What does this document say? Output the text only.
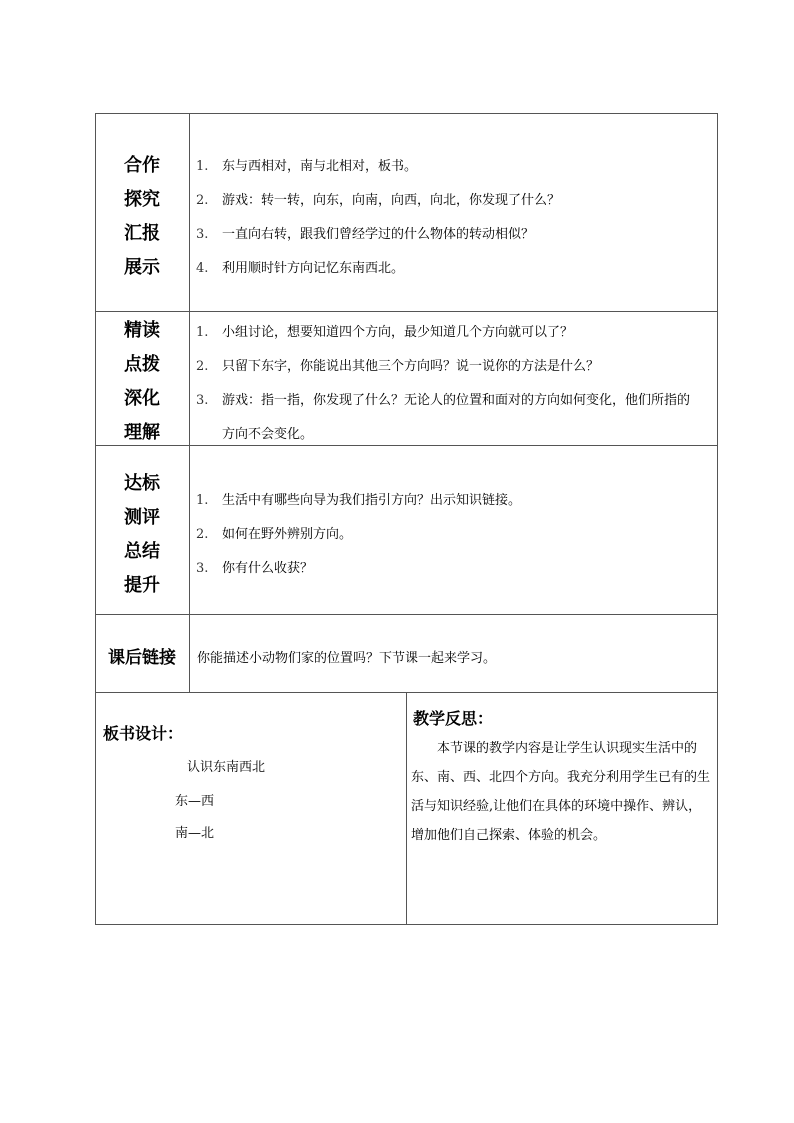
合作
探究
汇报
展示
1. 东与西相对，南与北相对，板书。
2. 游戏：转一转，向东，向南，向西，向北，你发现了什么？
3. 一直向右转，跟我们曾经学过的什么物体的转动相似？
4. 利用顺时针方向记忆东南西北。
精读
点拨
深化
理解
1. 小组讨论，想要知道四个方向，最少知道几个方向就可以了？
2. 只留下东字，你能说出其他三个方向吗？说一说你的方法是什么？
3. 游戏：指一指，你发现了什么？无论人的位置和面对的方向如何变化，他们所指的方向不会变化。
达标
测评
总结
提升
1. 生活中有哪些向导为我们指引方向？出示知识链接。
2. 如何在野外辨别方向。
3. 你有什么收获？
课后链接	你能描述小动物们家的位置吗？下节课一起来学习。
板书设计：
认识东南西北
东—西
南—北
教学反思：
本节课的教学内容是让学生认识现实生活中的东、南、西、北四个方向。我充分利用学生已有的生活与知识经验,让他们在具体的环境中操作、辨认，增加他们自己探索、体验的机会。
